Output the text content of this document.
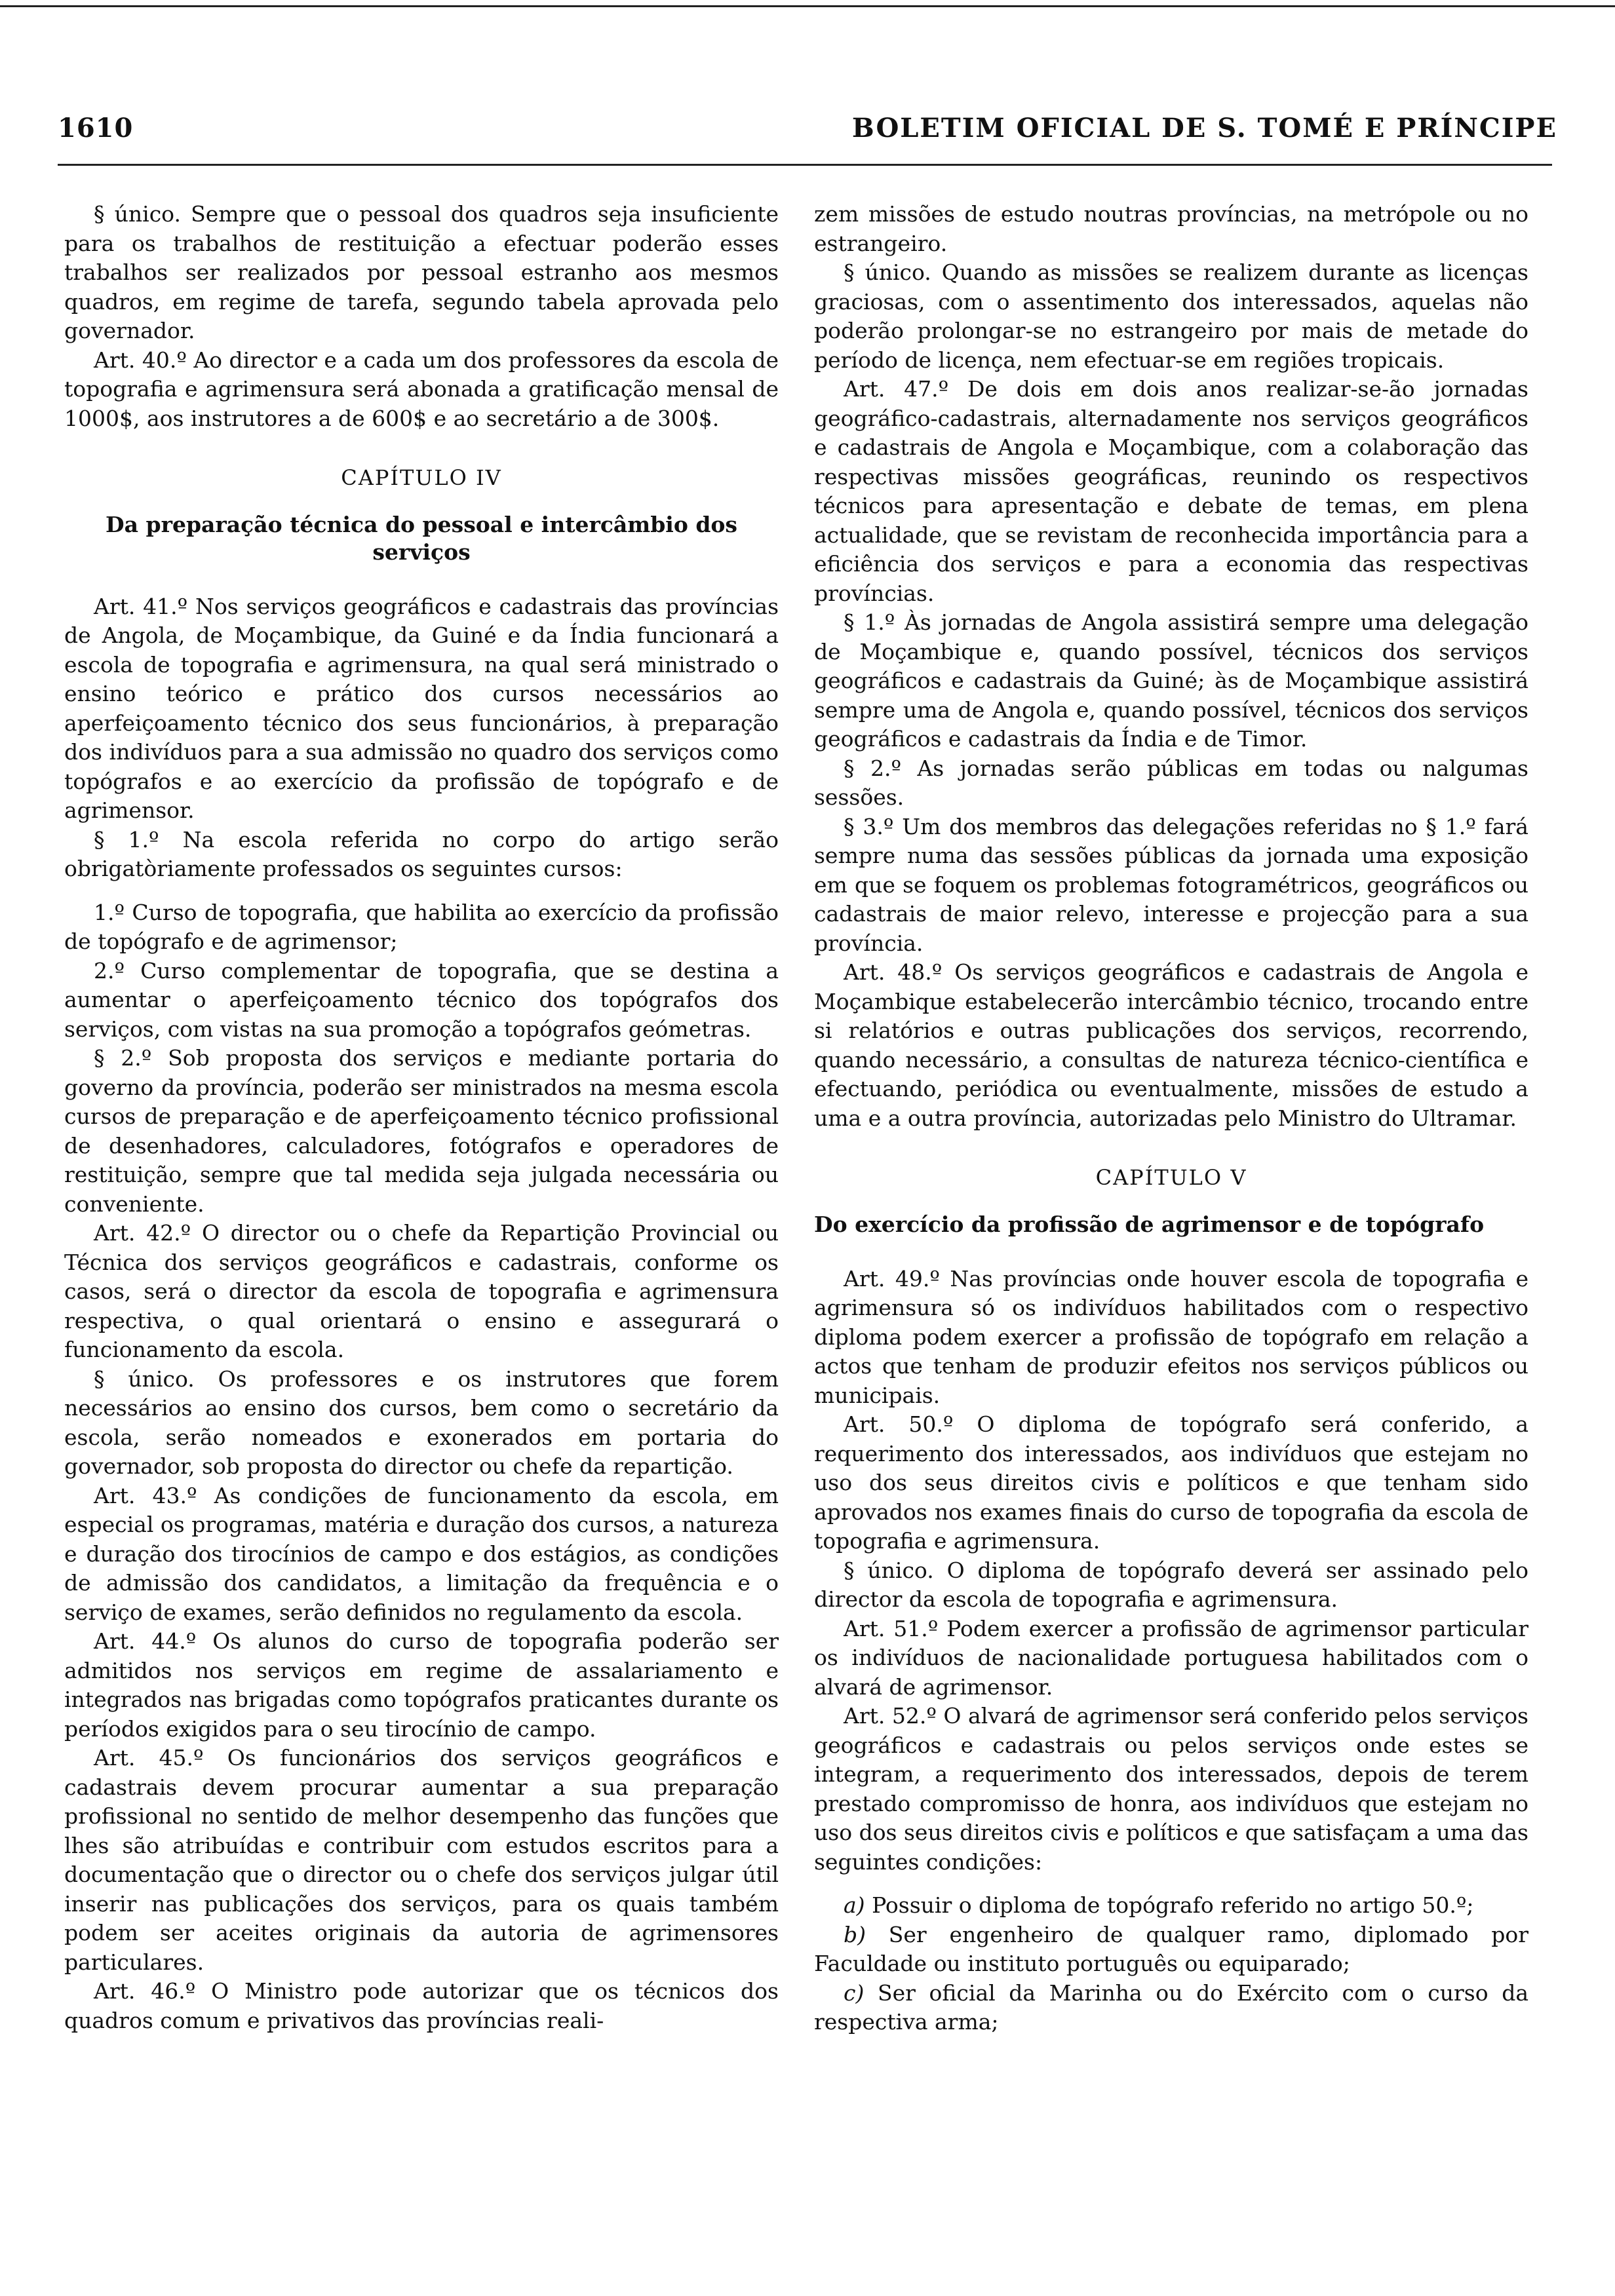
1610	BOLETIM OFICIAL DE S. TOMÉ E PRÍNCIPE

§ único. Sempre que o pessoal dos quadros seja insuficiente para os trabalhos de restituição a efectuar poderão esses trabalhos ser realizados por pessoal estranho aos mesmos quadros, em regime de tarefa, segundo tabela aprovada pelo governador.

Art. 40.º Ao director e a cada um dos professores da escola de topografia e agrimensura será abonada a gratificação mensal de 1000$, aos instrutores a de 600$ e ao secretário a de 300$.

CAPÍTULO IV

Da preparação técnica do pessoal e intercâmbio dos serviços

Art. 41.º Nos serviços geográficos e cadastrais das províncias de Angola, de Moçambique, da Guiné e da Índia funcionará a escola de topografia e agrimensura, na qual será ministrado o ensino teórico e prático dos cursos necessários ao aperfeiçoamento técnico dos seus funcionários, à preparação dos indivíduos para a sua admissão no quadro dos serviços como topógrafos e ao exercício da profissão de topógrafo e de agrimensor.

§ 1.º Na escola referida no corpo do artigo serão obrigatòriamente professados os seguintes cursos:

1.º Curso de topografia, que habilita ao exercício da profissão de topógrafo e de agrimensor;

2.º Curso complementar de topografia, que se destina a aumentar o aperfeiçoamento técnico dos topógrafos dos serviços, com vistas na sua promoção a topógrafos geómetras.

§ 2.º Sob proposta dos serviços e mediante portaria do governo da província, poderão ser ministrados na mesma escola cursos de preparação e de aperfeiçoamento técnico profissional de desenhadores, calculadores, fotógrafos e operadores de restituição, sempre que tal medida seja julgada necessária ou conveniente.

Art. 42.º O director ou o chefe da Repartição Provincial ou Técnica dos serviços geográficos e cadastrais, conforme os casos, será o director da escola de topografia e agrimensura respectiva, o qual orientará o ensino e assegurará o funcionamento da escola.

§ único. Os professores e os instrutores que forem necessários ao ensino dos cursos, bem como o secretário da escola, serão nomeados e exonerados em portaria do governador, sob proposta do director ou chefe da repartição.

Art. 43.º As condições de funcionamento da escola, em especial os programas, matéria e duração dos cursos, a natureza e duração dos tirocínios de campo e dos estágios, as condições de admissão dos candidatos, a limitação da frequência e o serviço de exames, serão definidos no regulamento da escola.

Art. 44.º Os alunos do curso de topografia poderão ser admitidos nos serviços em regime de assalariamento e integrados nas brigadas como topógrafos praticantes durante os períodos exigidos para o seu tirocínio de campo.

Art. 45.º Os funcionários dos serviços geográficos e cadastrais devem procurar aumentar a sua preparação profissional no sentido de melhor desempenho das funções que lhes são atribuídas e contribuir com estudos escritos para a documentação que o director ou o chefe dos serviços julgar útil inserir nas publicações dos serviços, para os quais também podem ser aceites originais da autoria de agrimensores particulares.

Art. 46.º O Ministro pode autorizar que os técnicos dos quadros comum e privativos das províncias reali-

zem missões de estudo noutras províncias, na metrópole ou no estrangeiro.

§ único. Quando as missões se realizem durante as licenças graciosas, com o assentimento dos interessados, aquelas não poderão prolongar-se no estrangeiro por mais de metade do período de licença, nem efectuar-se em regiões tropicais.

Art. 47.º De dois em dois anos realizar-se-ão jornadas geográfico-cadastrais, alternadamente nos serviços geográficos e cadastrais de Angola e Moçambique, com a colaboração das respectivas missões geográficas, reunindo os respectivos técnicos para apresentação e debate de temas, em plena actualidade, que se revistam de reconhecida importância para a eficiência dos serviços e para a economia das respectivas províncias.

§ 1.º Às jornadas de Angola assistirá sempre uma delegação de Moçambique e, quando possível, técnicos dos serviços geográficos e cadastrais da Guiné; às de Moçambique assistirá sempre uma de Angola e, quando possível, técnicos dos serviços geográficos e cadastrais da Índia e de Timor.

§ 2.º As jornadas serão públicas em todas ou nalgumas sessões.

§ 3.º Um dos membros das delegações referidas no § 1.º fará sempre numa das sessões públicas da jornada uma exposição em que se foquem os problemas fotogramétricos, geográficos ou cadastrais de maior relevo, interesse e projecção para a sua província.

Art. 48.º Os serviços geográficos e cadastrais de Angola e Moçambique estabelecerão intercâmbio técnico, trocando entre si relatórios e outras publicações dos serviços, recorrendo, quando necessário, a consultas de natureza técnico-científica e efectuando, periódica ou eventualmente, missões de estudo a uma e a outra província, autorizadas pelo Ministro do Ultramar.

CAPÍTULO V

Do exercício da profissão de agrimensor e de topógrafo

Art. 49.º Nas províncias onde houver escola de topografia e agrimensura só os indivíduos habilitados com o respectivo diploma podem exercer a profissão de topógrafo em relação a actos que tenham de produzir efeitos nos serviços públicos ou municipais.

Art. 50.º O diploma de topógrafo será conferido, a requerimento dos interessados, aos indivíduos que estejam no uso dos seus direitos civis e políticos e que tenham sido aprovados nos exames finais do curso de topografia da escola de topografia e agrimensura.

§ único. O diploma de topógrafo deverá ser assinado pelo director da escola de topografia e agrimensura.

Art. 51.º Podem exercer a profissão de agrimensor particular os indivíduos de nacionalidade portuguesa habilitados com o alvará de agrimensor.

Art. 52.º O alvará de agrimensor será conferido pelos serviços geográficos e cadastrais ou pelos serviços onde estes se integram, a requerimento dos interessados, depois de terem prestado compromisso de honra, aos indivíduos que estejam no uso dos seus direitos civis e políticos e que satisfaçam a uma das seguintes condições:

a) Possuir o diploma de topógrafo referido no artigo 50.º;

b) Ser engenheiro de qualquer ramo, diplomado por Faculdade ou instituto português ou equiparado;

c) Ser oficial da Marinha ou do Exército com o curso da respectiva arma;
